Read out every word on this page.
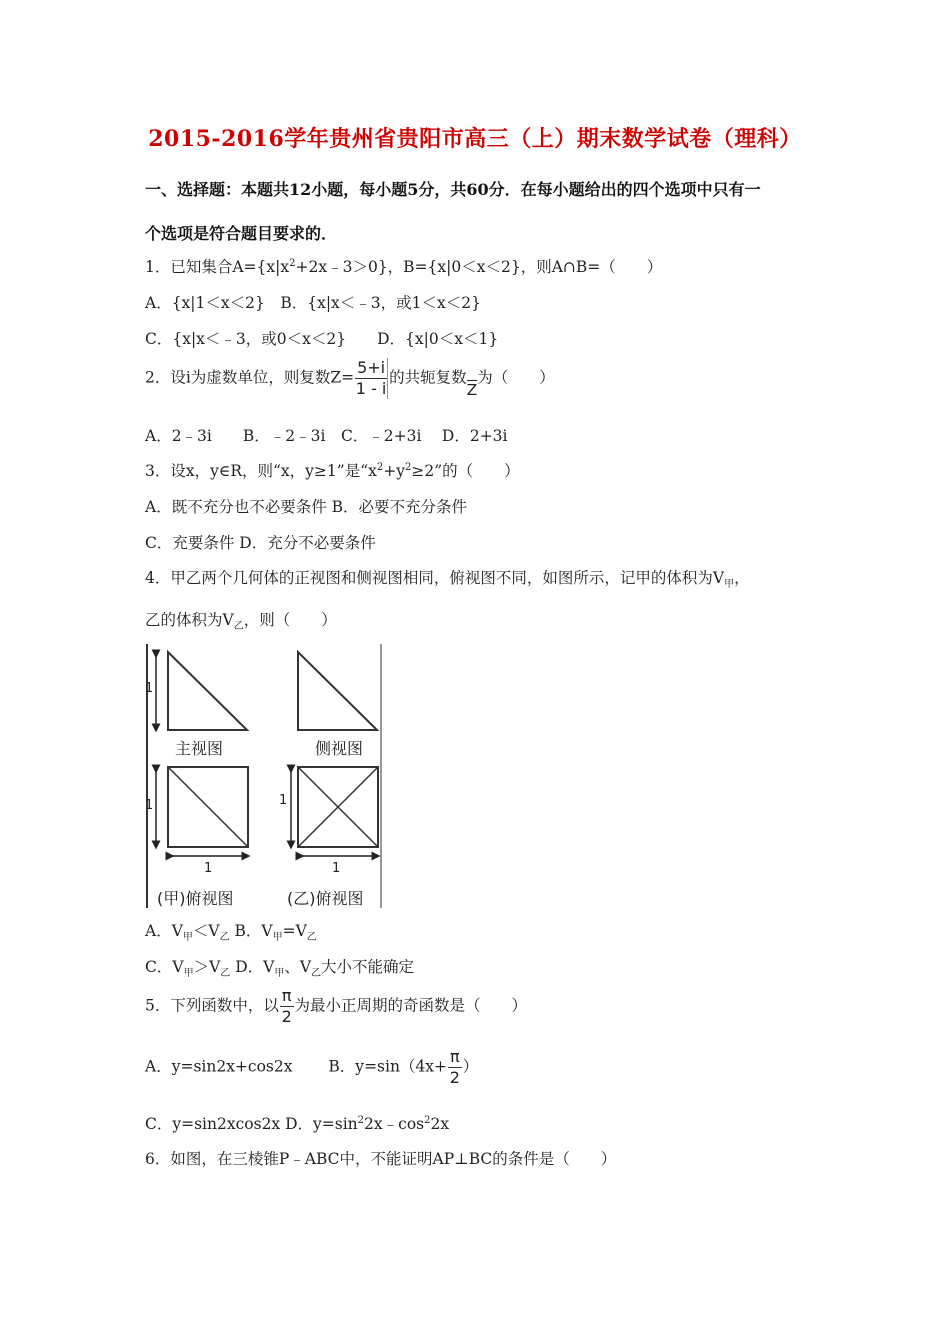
2015-2016学年贵州省贵阳市高三（上）期末数学试卷（理科）
一、选择题：本题共12小题，每小题5分，共60分．在每小题给出的四个选项中只有一
个选项是符合题目要求的．
1．已知集合$A=\{x|x^2+2x﹣3>0\}$，B={x|0＜x＜2}，则A∩B=（　　）
A．{x|1＜x＜2}　B．{x|x＜﹣3，或1＜x＜2}
C．{x|x＜﹣3，或0＜x＜2}　　D．{x|0＜x＜1}
2．设i为虚数单位，则复数$Z= \frac{5+i}{1 - i}$ 的共轭复数Z为（　　）
A．2﹣3i　　B．﹣2﹣3i　C．﹣2+3i　 D．2+3i
3．设x，y∈R，则“x，y≥1”是“$x^2+y^2\ge 2$”的（　　）
A．既不充分也不必要条件 B．必要不充分条件
C．充要条件 D．充分不必要条件
4．甲乙两个几何体的正视图和侧视图相同，俯视图不同，如图所示，记甲的体积为$V_甲$，
乙的体积为$V_乙$，则（　　）
1
主视图	侧视图
1
1
(甲)俯视图
1
1
(乙)俯视图
A．$V_甲<V_乙$ B．$V_甲=V_乙$
C．$V_甲>V_乙$ D．$V_甲$、$V_乙$大小不能确定
5．下列函数中，以 $\frac{\pi}{2}$ 为最小正周期的奇函数是（　　）
A．y=sin2x+cos2x　　 B．$y=\sin(4x+ \frac{\pi}{2}$ ）
C．y=sin2xcos2x D．$y=\sin^22x﹣\cos^22x$
6．如图，在三棱锥P﹣ABC中，不能证明AP⊥BC的条件是（　　）
